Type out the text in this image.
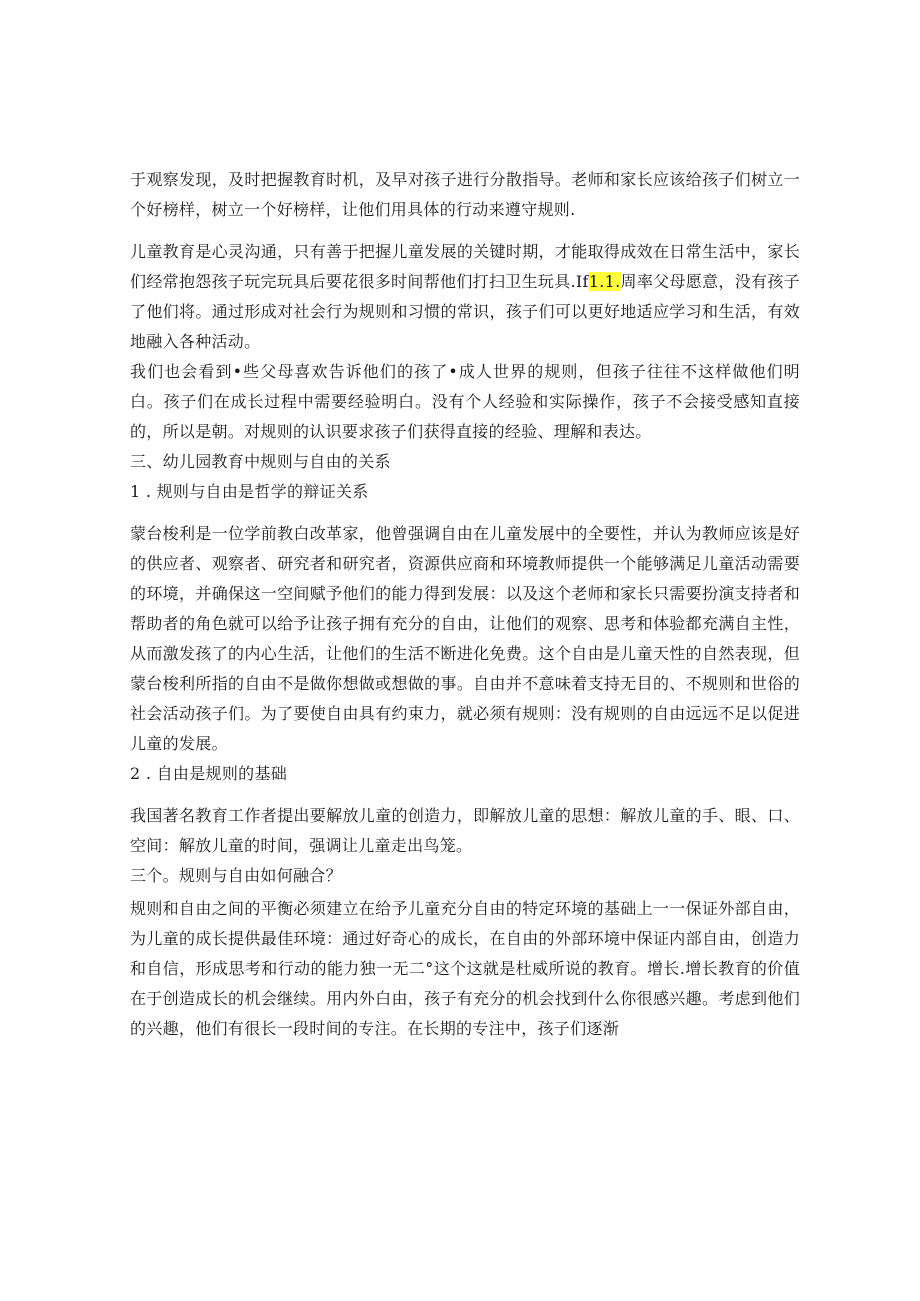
于观察发现，及时把握教育时机，及早对孩子进行分散指导。老师和家长应该给孩子们树立一个好榜样，树立一个好榜样，让他们用具体的行动来遵守规则.

儿童教育是心灵沟通，只有善于把握儿童发展的关键时期，才能取得成效在日常生活中，家长们经常抱怨孩子玩完玩具后要花很多时间帮他们打扫卫生玩具.If1.1.周率父母愿意，没有孩子了他们将。通过形成对社会行为规则和习惯的常识，孩子们可以更好地适应学习和生活，有效地融入各种活动。

我们也会看到•些父母喜欢告诉他们的孩了•成人世界的规则，但孩子往往不这样做他们明白。孩子们在成长过程中需要经验明白。没有个人经验和实际操作，孩子不会接受感知直接的，所以是朝。对规则的认识要求孩子们获得直接的经验、理解和表达。

三、幼儿园教育中规则与自由的关系

1 . 规则与自由是哲学的辩证关系

蒙台梭利是一位学前教白改革家，他曾强调自由在儿童发展中的全要性，并认为教师应该是好的供应者、观察者、研究者和研究者，资源供应商和环境教师提供一个能够满足儿童活动需要的环境，并确保这一空间赋予他们的能力得到发展：以及这个老师和家长只需要扮演支持者和帮助者的角色就可以给予让孩子拥有充分的自由，让他们的观察、思考和体验都充满自主性，从而激发孩了的内心生活，让他们的生活不断进化免费。这个自由是儿童天性的自然表现，但蒙台梭利所指的自由不是做你想做或想做的事。自由并不意味着支持无目的、不规则和世俗的社会活动孩子们。为了要使自由具有约束力，就必须有规则：没有规则的自由远远不足以促进儿童的发展。

2 . 自由是规则的基础

我国著名教育工作者提出要解放儿童的创造力，即解放儿童的思想：解放儿童的手、眼、口、空间：解放儿童的时间，强调让儿童走出鸟笼。

三个。规则与自由如何融合？

规则和自由之间的平衡必须建立在给予儿童充分自由的特定环境的基础上一一保证外部自由，为儿童的成长提供最佳环境：通过好奇心的成长，在自由的外部环境中保证内部自由，创造力和自信，形成思考和行动的能力独一无二°这个这就是杜威所说的教育。增长.增长教育的价值在于创造成长的机会继续。用内外白由，孩子有充分的机会找到什么你很感兴趣。考虑到他们的兴趣，他们有很长一段时间的专注。在长期的专注中，孩子们逐渐
